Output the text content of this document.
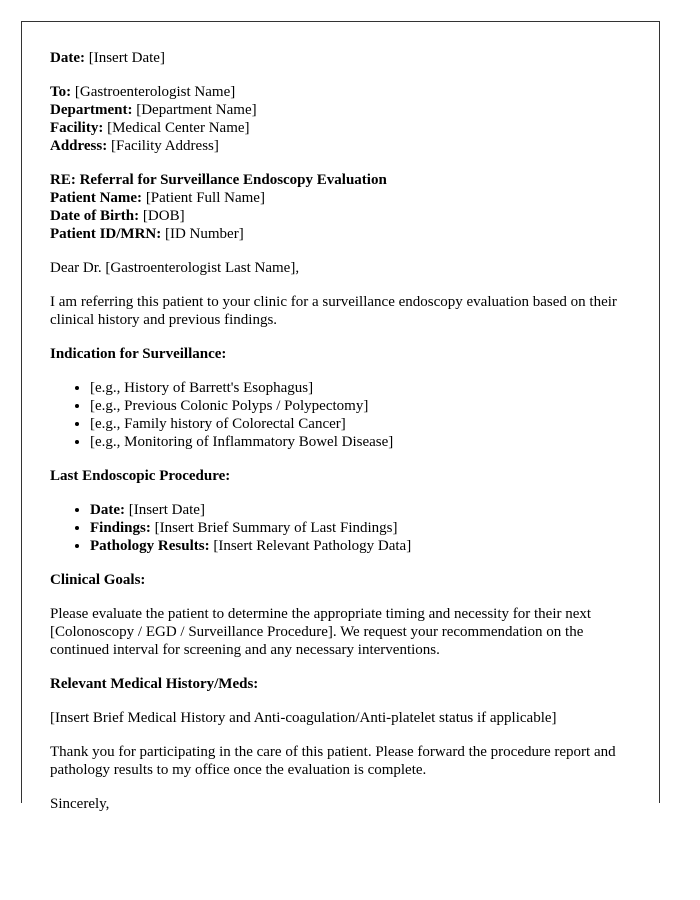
Date: [Insert Date]
To: [Gastroenterologist Name]
Department: [Department Name]
Facility: [Medical Center Name]
Address: [Facility Address]
RE: Referral for Surveillance Endoscopy Evaluation
Patient Name: [Patient Full Name]
Date of Birth: [DOB]
Patient ID/MRN: [ID Number]
Dear Dr. [Gastroenterologist Last Name],
I am referring this patient to your clinic for a surveillance endoscopy evaluation based on their clinical history and previous findings.
Indication for Surveillance:
• [e.g., History of Barrett's Esophagus]
• [e.g., Previous Colonic Polyps / Polypectomy]
• [e.g., Family history of Colorectal Cancer]
• [e.g., Monitoring of Inflammatory Bowel Disease]
Last Endoscopic Procedure:
• Date: [Insert Date]
• Findings: [Insert Brief Summary of Last Findings]
• Pathology Results: [Insert Relevant Pathology Data]
Clinical Goals:
Please evaluate the patient to determine the appropriate timing and necessity for their next [Colonoscopy / EGD / Surveillance Procedure]. We request your recommendation on the continued interval for screening and any necessary interventions.
Relevant Medical History/Meds:
[Insert Brief Medical History and Anti-coagulation/Anti-platelet status if applicable]
Thank you for participating in the care of this patient. Please forward the procedure report and pathology results to my office once the evaluation is complete.
Sincerely,
